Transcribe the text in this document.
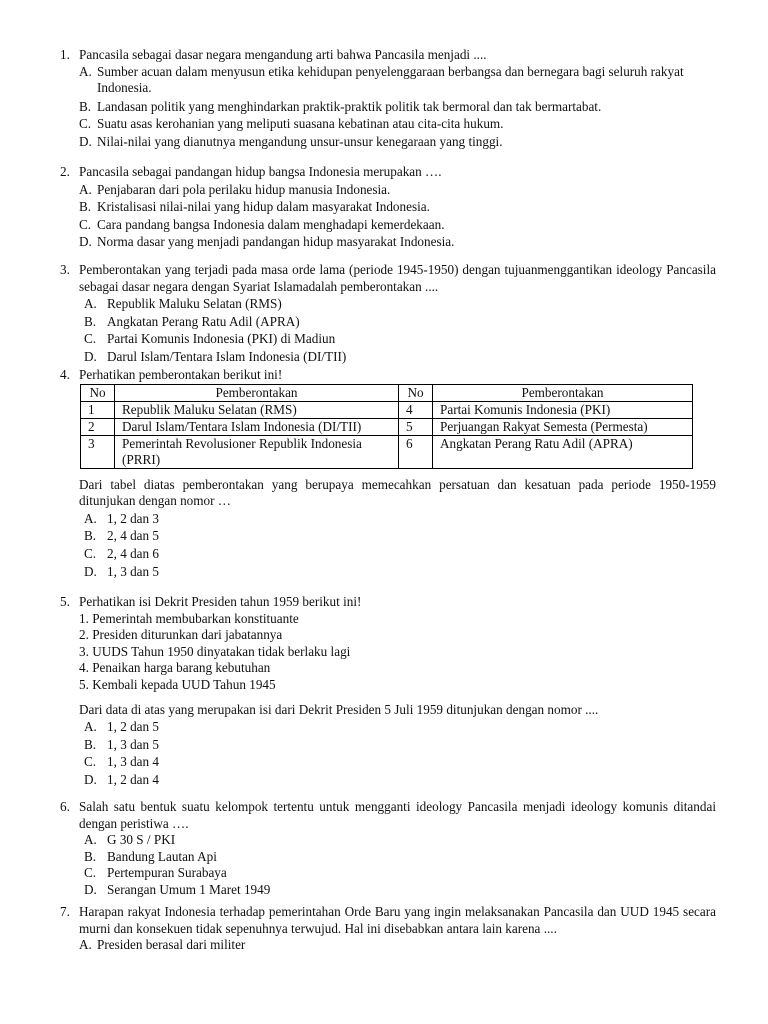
1. Pancasila sebagai dasar negara mengandung arti bahwa Pancasila menjadi ....
A. Sumber acuan dalam menyusun etika kehidupan penyelenggaraan berbangsa dan bernegara bagi seluruh rakyat Indonesia.
B. Landasan politik yang menghindarkan praktik-praktik politik tak bermoral dan tak bermartabat.
C. Suatu asas kerohanian yang meliputi suasana kebatinan atau cita-cita hukum.
D. Nilai-nilai yang dianutnya mengandung unsur-unsur kenegaraan yang tinggi.
2. Pancasila sebagai pandangan hidup bangsa Indonesia merupakan ….
A. Penjabaran dari pola perilaku hidup manusia Indonesia.
B. Kristalisasi nilai-nilai yang hidup dalam masyarakat Indonesia.
C. Cara pandang bangsa Indonesia dalam menghadapi kemerdekaan.
D. Norma dasar yang menjadi pandangan hidup masyarakat Indonesia.
3. Pemberontakan yang terjadi pada masa orde lama (periode 1945-1950) dengan tujuanmenggantikan ideology Pancasila sebagai dasar negara dengan Syariat Islamadalah pemberontakan ....
A. Republik Maluku Selatan (RMS)
B. Angkatan Perang Ratu Adil (APRA)
C. Partai Komunis Indonesia (PKI) di Madiun
D. Darul Islam/Tentara Islam Indonesia (DI/TII)
4. Perhatikan pemberontakan berikut ini!
No	Pemberontakan	No	Pemberontakan
1	Republik Maluku Selatan (RMS)	4	Partai Komunis Indonesia (PKI)
2	Darul Islam/Tentara Islam Indonesia (DI/TII)	5	Perjuangan Rakyat Semesta (Permesta)
3	Pemerintah Revolusioner Republik Indonesia (PRRI)	6	Angkatan Perang Ratu Adil (APRA)
Dari tabel diatas pemberontakan yang berupaya memecahkan persatuan dan kesatuan pada periode 1950-1959 ditunjukan dengan nomor …
A. 1, 2 dan 3
B. 2, 4 dan 5
C. 2, 4 dan 6
D. 1, 3 dan 5
5. Perhatikan isi Dekrit Presiden tahun 1959 berikut ini!
1. Pemerintah membubarkan konstituante
2. Presiden diturunkan dari jabatannya
3. UUDS Tahun 1950 dinyatakan tidak berlaku lagi
4. Penaikan harga barang kebutuhan
5. Kembali kepada UUD Tahun 1945
Dari data di atas yang merupakan isi dari Dekrit Presiden 5 Juli 1959 ditunjukan dengan nomor ....
A. 1, 2 dan 5
B. 1, 3 dan 5
C. 1, 3 dan 4
D. 1, 2 dan 4
6. Salah satu bentuk suatu kelompok tertentu untuk mengganti ideology Pancasila menjadi ideology komunis ditandai dengan peristiwa ….
A. G 30 S / PKI
B. Bandung Lautan Api
C. Pertempuran Surabaya
D. Serangan Umum 1 Maret 1949
7. Harapan rakyat Indonesia terhadap pemerintahan Orde Baru yang ingin melaksanakan Pancasila dan UUD 1945 secara murni dan konsekuen tidak sepenuhnya terwujud. Hal ini disebabkan antara lain karena ....
A. Presiden berasal dari militer
